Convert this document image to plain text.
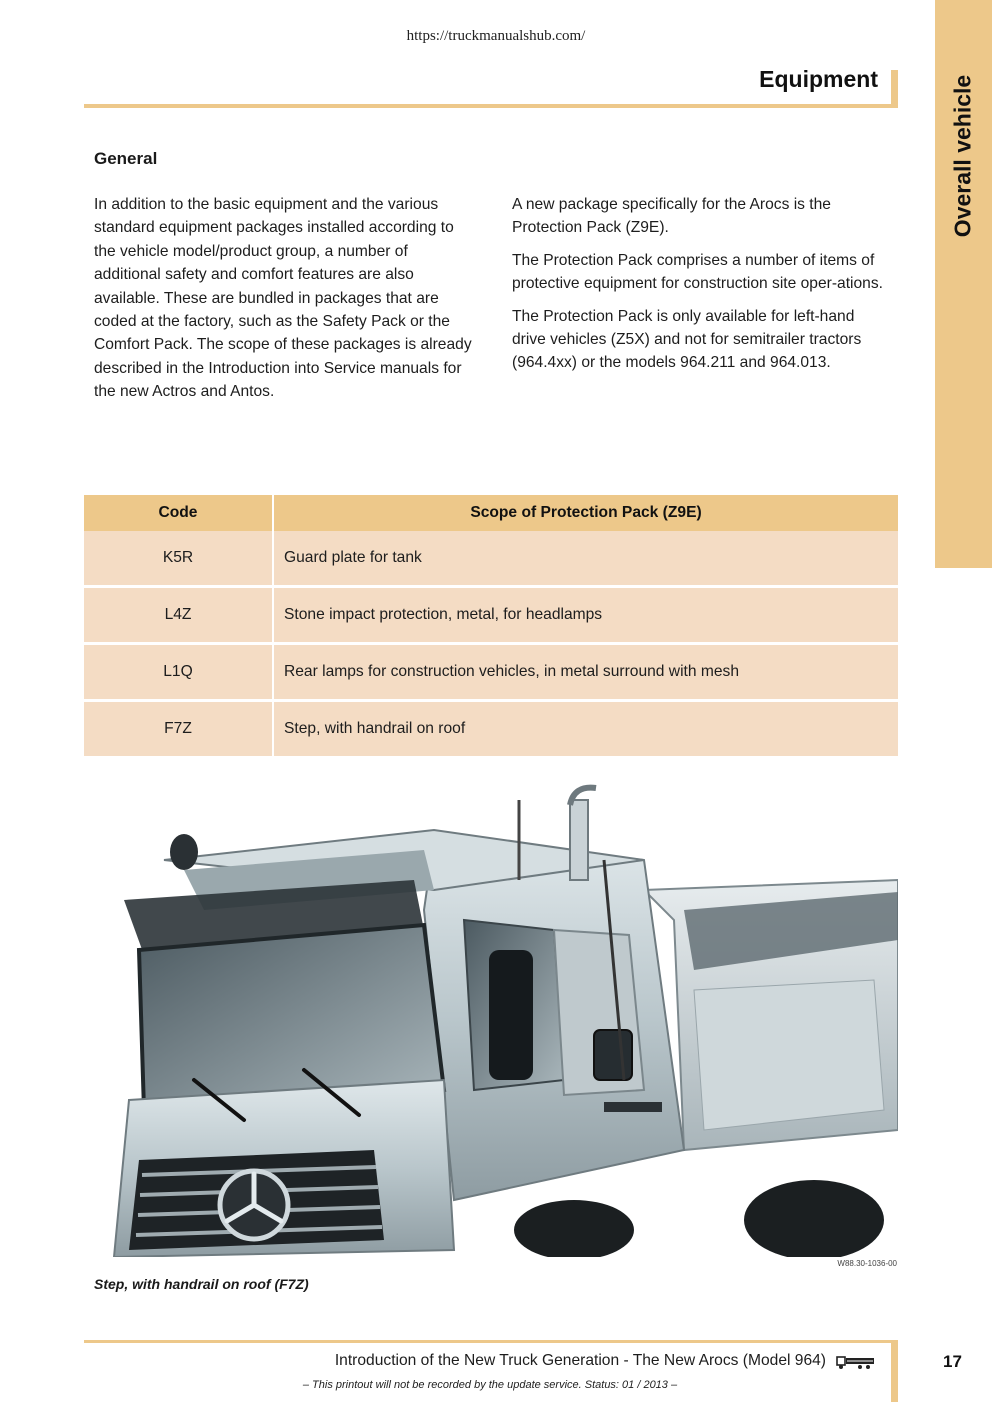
https://truckmanualshub.com/
Overall vehicle
Equipment
General

In addition to the basic equipment and the various standard equipment packages installed according to the vehicle model/product group, a number of additional safety and comfort features are also available. These are bundled in packages that are coded at the factory, such as the Safety Pack or the Comfort Pack. The scope of these packages is already described in the Introduction into Service manuals for the new Actros and Antos.

A new package specifically for the Arocs is the Protection Pack (Z9E).

The Protection Pack comprises a number of items of protective equipment for construction site oper-ations.

The Protection Pack is only available for left-hand drive vehicles (Z5X) and not for semitrailer tractors (964.4xx) or the models 964.211 and 964.013.

Code	Scope of Protection Pack (Z9E)
K5R	Guard plate for tank
L4Z	Stone impact protection, metal, for headlamps
L1Q	Rear lamps for construction vehicles, in metal surround with mesh
F7Z	Step, with handrail on roof
W88.30-1036-00
Step, with handrail on roof (F7Z)
Introduction of the New Truck Generation - The New Arocs (Model 964)
– This printout will not be recorded by the update service. Status: 01 / 2013 –
17
